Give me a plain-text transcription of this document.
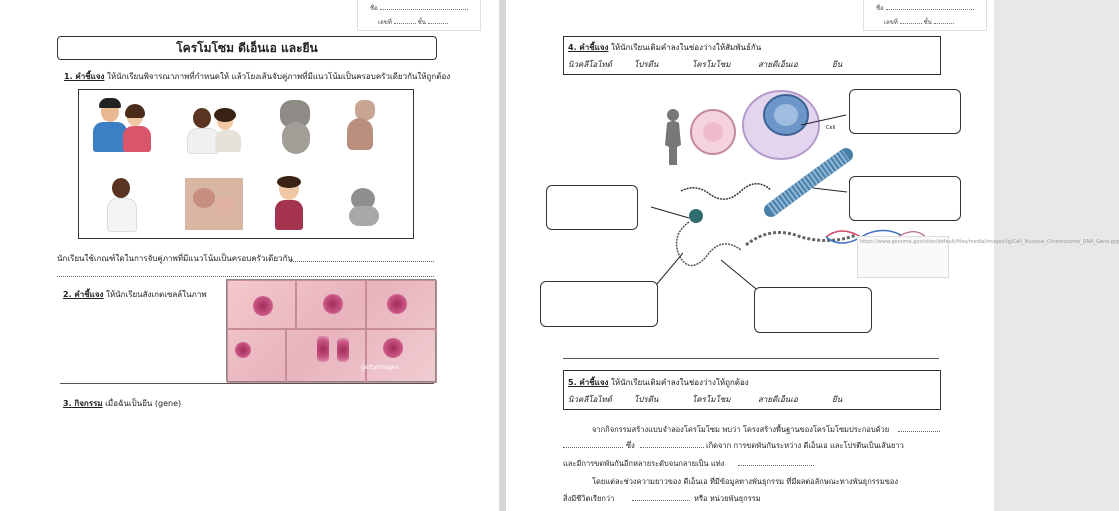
ชื่อ
เลขที่	ชั้น
โครโมโซม ดีเอ็นเอ และยีน
1. คำชี้แจง ให้นักเรียนพิจารณาภาพที่กำหนดให้ แล้วโยงเส้นจับคู่ภาพที่มีแนวโน้มเป็นครอบครัวเดียวกันให้ถูกต้อง
นักเรียนใช้เกณฑ์ใดในการจับคู่ภาพที่มีแนวโน้มเป็นครอบครัวเดียวกัน
2. คำชี้แจง ให้นักเรียนสังเกตเซลล์ในภาพ
gettyimages
3. กิจกรรม เมื่อฉันเป็นยีน (gene)
ชื่อ
เลขที่	ชั้น
4. คำชี้แจง ให้นักเรียนเติมคำลงในช่องว่างให้สัมพันธ์กัน
นิวคลีโอไทด์	โปรตีน	โครโมโซม	สายดีเอ็นเอ	ยีน
Cell
https://www.genome.gov/sites/default/files/media/images/tg/Cell_Nucleus_Chromosome_DNA_Gene.jpg
5. คำชี้แจง ให้นักเรียนเติมคำลงในช่องว่างให้ถูกต้อง
นิวคลีโอไทด์	โปรตีน	โครโมโซม	สายดีเอ็นเอ	ยีน
จากกิจกรรมสร้างแบบจำลองโครโมโซม พบว่า โครงสร้างพื้นฐานของโครโมโซมประกอบด้วย
ซึ่ง	เกิดจาก การขดพันกันระหว่าง ดีเอ็นเอ และโปรตีนเป็นเส้นยาว
และมีการขดพันกันอีกหลายระดับจนกลายเป็น แท่ง
โดยแต่ละช่วงความยาวของ ดีเอ็นเอ ที่มีข้อมูลทางพันธุกรรม ที่มีผลต่อลักษณะทางพันธุกรรมของ
สิ่งมีชีวิตเรียกว่า	หรือ หน่วยพันธุกรรม
